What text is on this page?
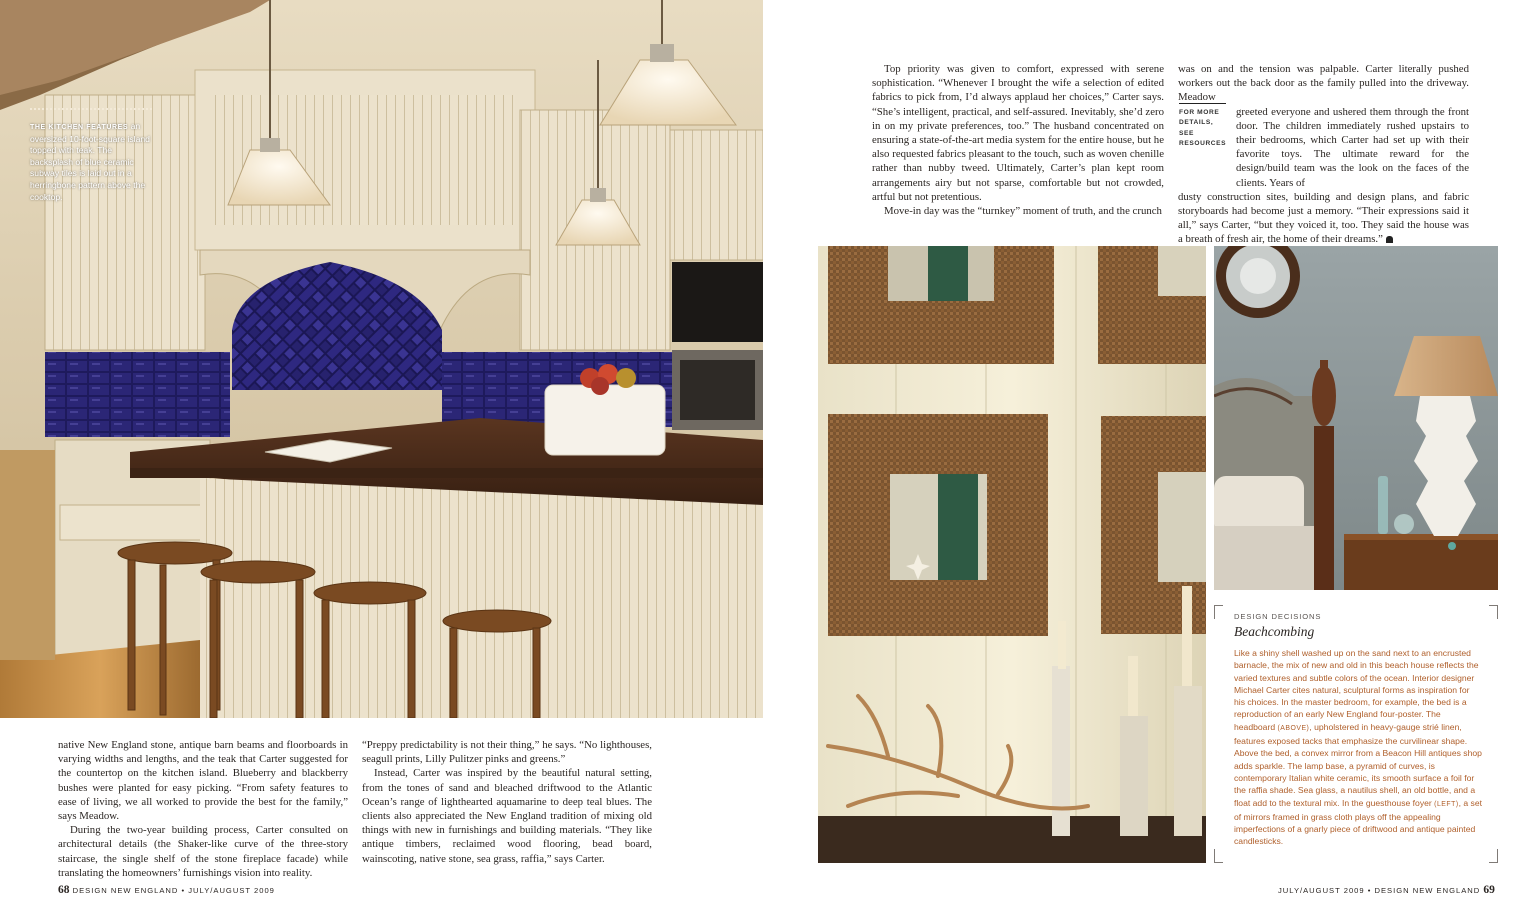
THE KITCHEN FEATURES an oversized 10-foot-square island topped with teak. The backsplash of blue ceramic subway tiles is laid out in a herringbone pattern above the cooktop.

native New England stone, antique barn beams and floorboards in varying widths and lengths, and the teak that Carter suggested for the countertop on the kitchen island. Blueberry and blackberry bushes were planted for easy picking. “From safety features to ease of living, we all worked to provide the best for the family,” says Meadow.

During the two-year building process, Carter consulted on architectural details (the Shaker-like curve of the three-story staircase, the single shelf of the stone fireplace facade) while translating the homeowners’ furnishings vision into reality.

“Preppy predictability is not their thing,” he says. “No lighthouses, seagull prints, Lilly Pulitzer pinks and greens.”

Instead, Carter was inspired by the beautiful natural setting, from the tones of sand and bleached driftwood to the Atlantic Ocean’s range of lighthearted aquamarine to deep teal blues. The clients also appreciated the New England tradition of mixing old things with new in furnishings and building materials. “They like antique timbers, reclaimed wood flooring, bead board, wainscoting, native stone, sea grass, raffia,” says Carter.

68 DESIGN NEW ENGLAND • JULY/AUGUST 2009

Top priority was given to comfort, expressed with serene sophistication. “Whenever I brought the wife a selection of edited fabrics to pick from, I’d always applaud her choices,” Carter says. “She’s intelligent, practical, and self-assured. Inevitably, she’d zero in on my private preferences, too.” The husband concentrated on ensuring a state-of-the-art media system for the entire house, but he also requested fabrics pleasant to the touch, such as woven chenille rather than nubby tweed. Ultimately, Carter’s plan kept room arrangements airy but not sparse, comfortable but not crowded, artful but not pretentious.

Move-in day was the “turnkey” moment of truth, and the crunch

was on and the tension was palpable. Carter literally pushed workers out the back door as the family pulled into the driveway. Meadow
greeted everyone and ushered them through the front door. The children immediately rushed upstairs to their bedrooms, which Carter had set up with their favorite toys. The ultimate reward for the design/build team was the look on the faces of the clients. Years of
dusty construction sites, building and design plans, and fabric storyboards had become just a memory. “Their expressions said it all,” says Carter, “but they voiced it, too. They said the house was a breath of fresh air, the home of their dreams.”
FOR MORE DETAILS, SEE RESOURCES
DESIGN DECISIONS
Beachcombing
Like a shiny shell washed up on the sand next to an encrusted barnacle, the mix of new and old in this beach house reflects the varied textures and subtle colors of the ocean. Interior designer Michael Carter cites natural, sculptural forms as inspiration for his choices. In the master bedroom, for example, the bed is a reproduction of an early New England four-poster. The headboard (ABOVE), upholstered in heavy-gauge strié linen, features exposed tacks that emphasize the curvilinear shape. Above the bed, a convex mirror from a Beacon Hill antiques shop adds sparkle. The lamp base, a pyramid of curves, is contemporary Italian white ceramic, its smooth surface a foil for the raffia shade. Sea glass, a nautilus shell, an old bottle, and a float add to the textural mix. In the guesthouse foyer (LEFT), a set of mirrors framed in grass cloth plays off the appealing imperfections of a gnarly piece of driftwood and antique painted candlesticks.
JULY/AUGUST 2009 • DESIGN NEW ENGLAND 69
